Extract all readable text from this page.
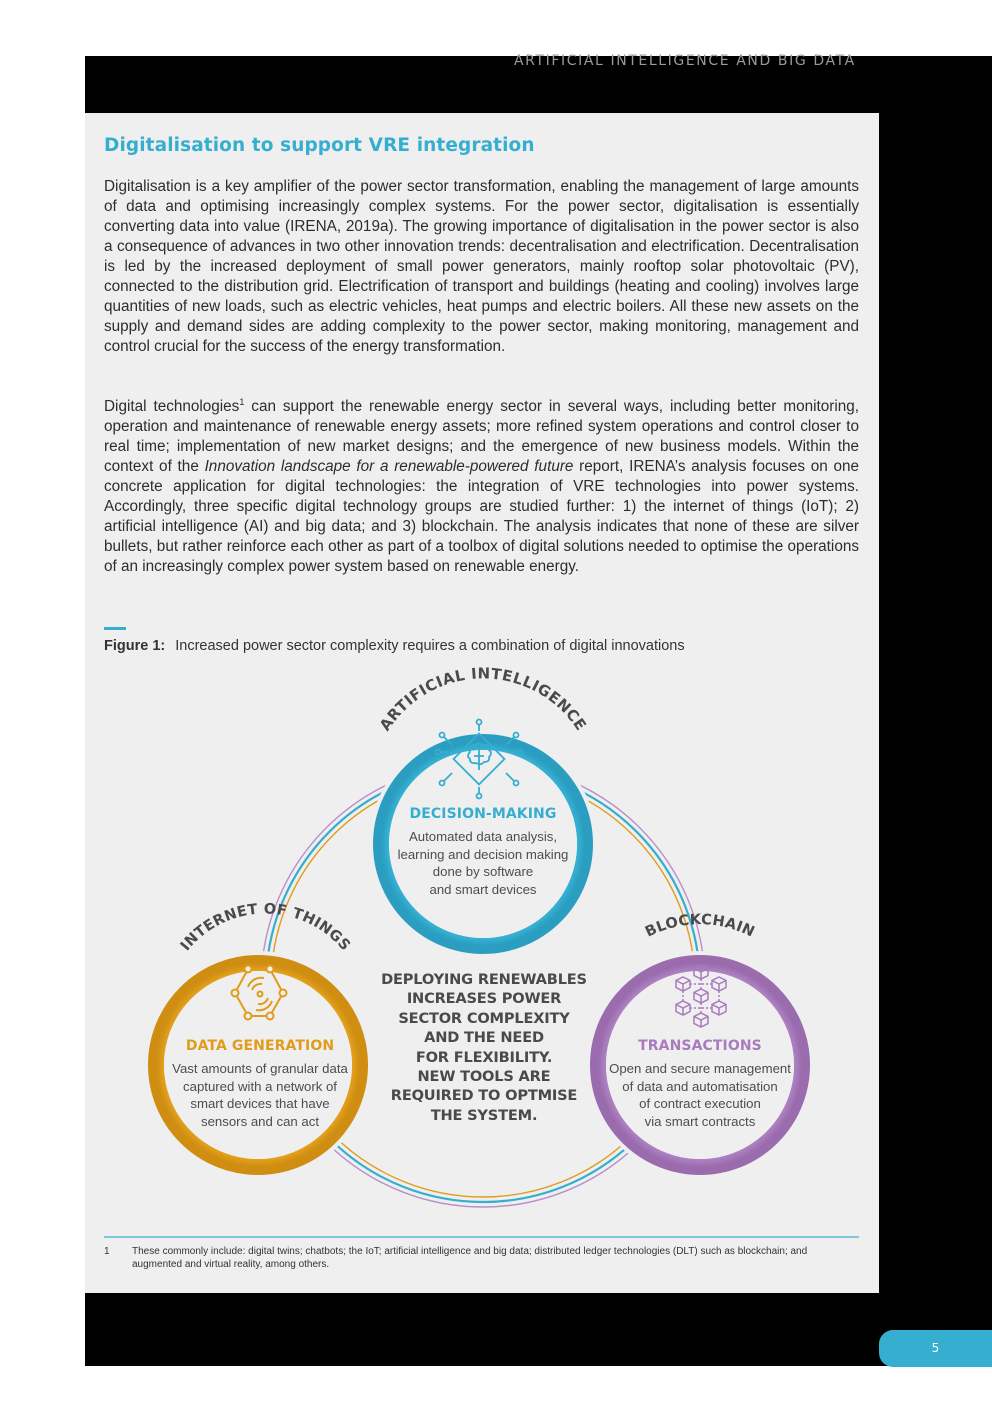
ARTIFICIAL INTELLIGENCE AND BIG DATA
Digitalisation to support VRE integration

Digitalisation is a key amplifier of the power sector transformation, enabling the management of large amounts of data and optimising increasingly complex systems. For the power sector, digitalisation is essentially converting data into value (IRENA, 2019a). The growing importance of digitalisation in the power sector is also a consequence of advances in two other innovation trends: decentralisation and electrification. Decentralisation is led by the increased deployment of small power generators, mainly rooftop solar photovoltaic (PV), connected to the distribution grid. Electrification of transport and buildings (heating and cooling) involves large quantities of new loads, such as electric vehicles, heat pumps and electric boilers. All these new assets on the supply and demand sides are adding complexity to the power sector, making monitoring, management and control crucial for the success of the energy transformation.

Digital technologies$^1$ can support the renewable energy sector in several ways, including better monitoring, operation and maintenance of renewable energy assets; more refined system operations and control closer to real time; implementation of new market designs; and the emergence of new business models. Within the context of the Innovation landscape for a renewable-powered future report, IRENA’s analysis focuses on one concrete application for digital technologies: the integration of VRE technologies into power systems. Accordingly, three specific digital technology groups are studied further: 1) the internet of things (IoT); 2) artificial intelligence (AI) and big data; and 3) blockchain. The analysis indicates that none of these are silver bullets, but rather reinforce each other as part of a toolbox of digital solutions needed to optimise the operations of an increasingly complex power system based on renewable energy.

Figure 1: Increased power sector complexity requires a combination of digital innovations
ARTIFICIAL INTELLIGENCE
INTERNET OF THINGS
BLOCKCHAIN
DECISION-MAKING
Automated data analysis,
learning and decision making
done by software
and smart devices
DATA GENERATION
Vast amounts of granular data
captured with a network of
smart devices that have
sensors and can act
TRANSACTIONS
Open and secure management
of data and automatisation
of contract execution
via smart contracts
DEPLOYING RENEWABLES
INCREASES POWER
SECTOR COMPLEXITY
AND THE NEED
FOR FLEXIBILITY.
NEW TOOLS ARE
REQUIRED TO OPTMISE
THE SYSTEM.
1 These commonly include: digital twins; chatbots; the IoT; artificial intelligence and big data; distributed ledger technologies (DLT) such as blockchain; and augmented and virtual reality, among others.
5
